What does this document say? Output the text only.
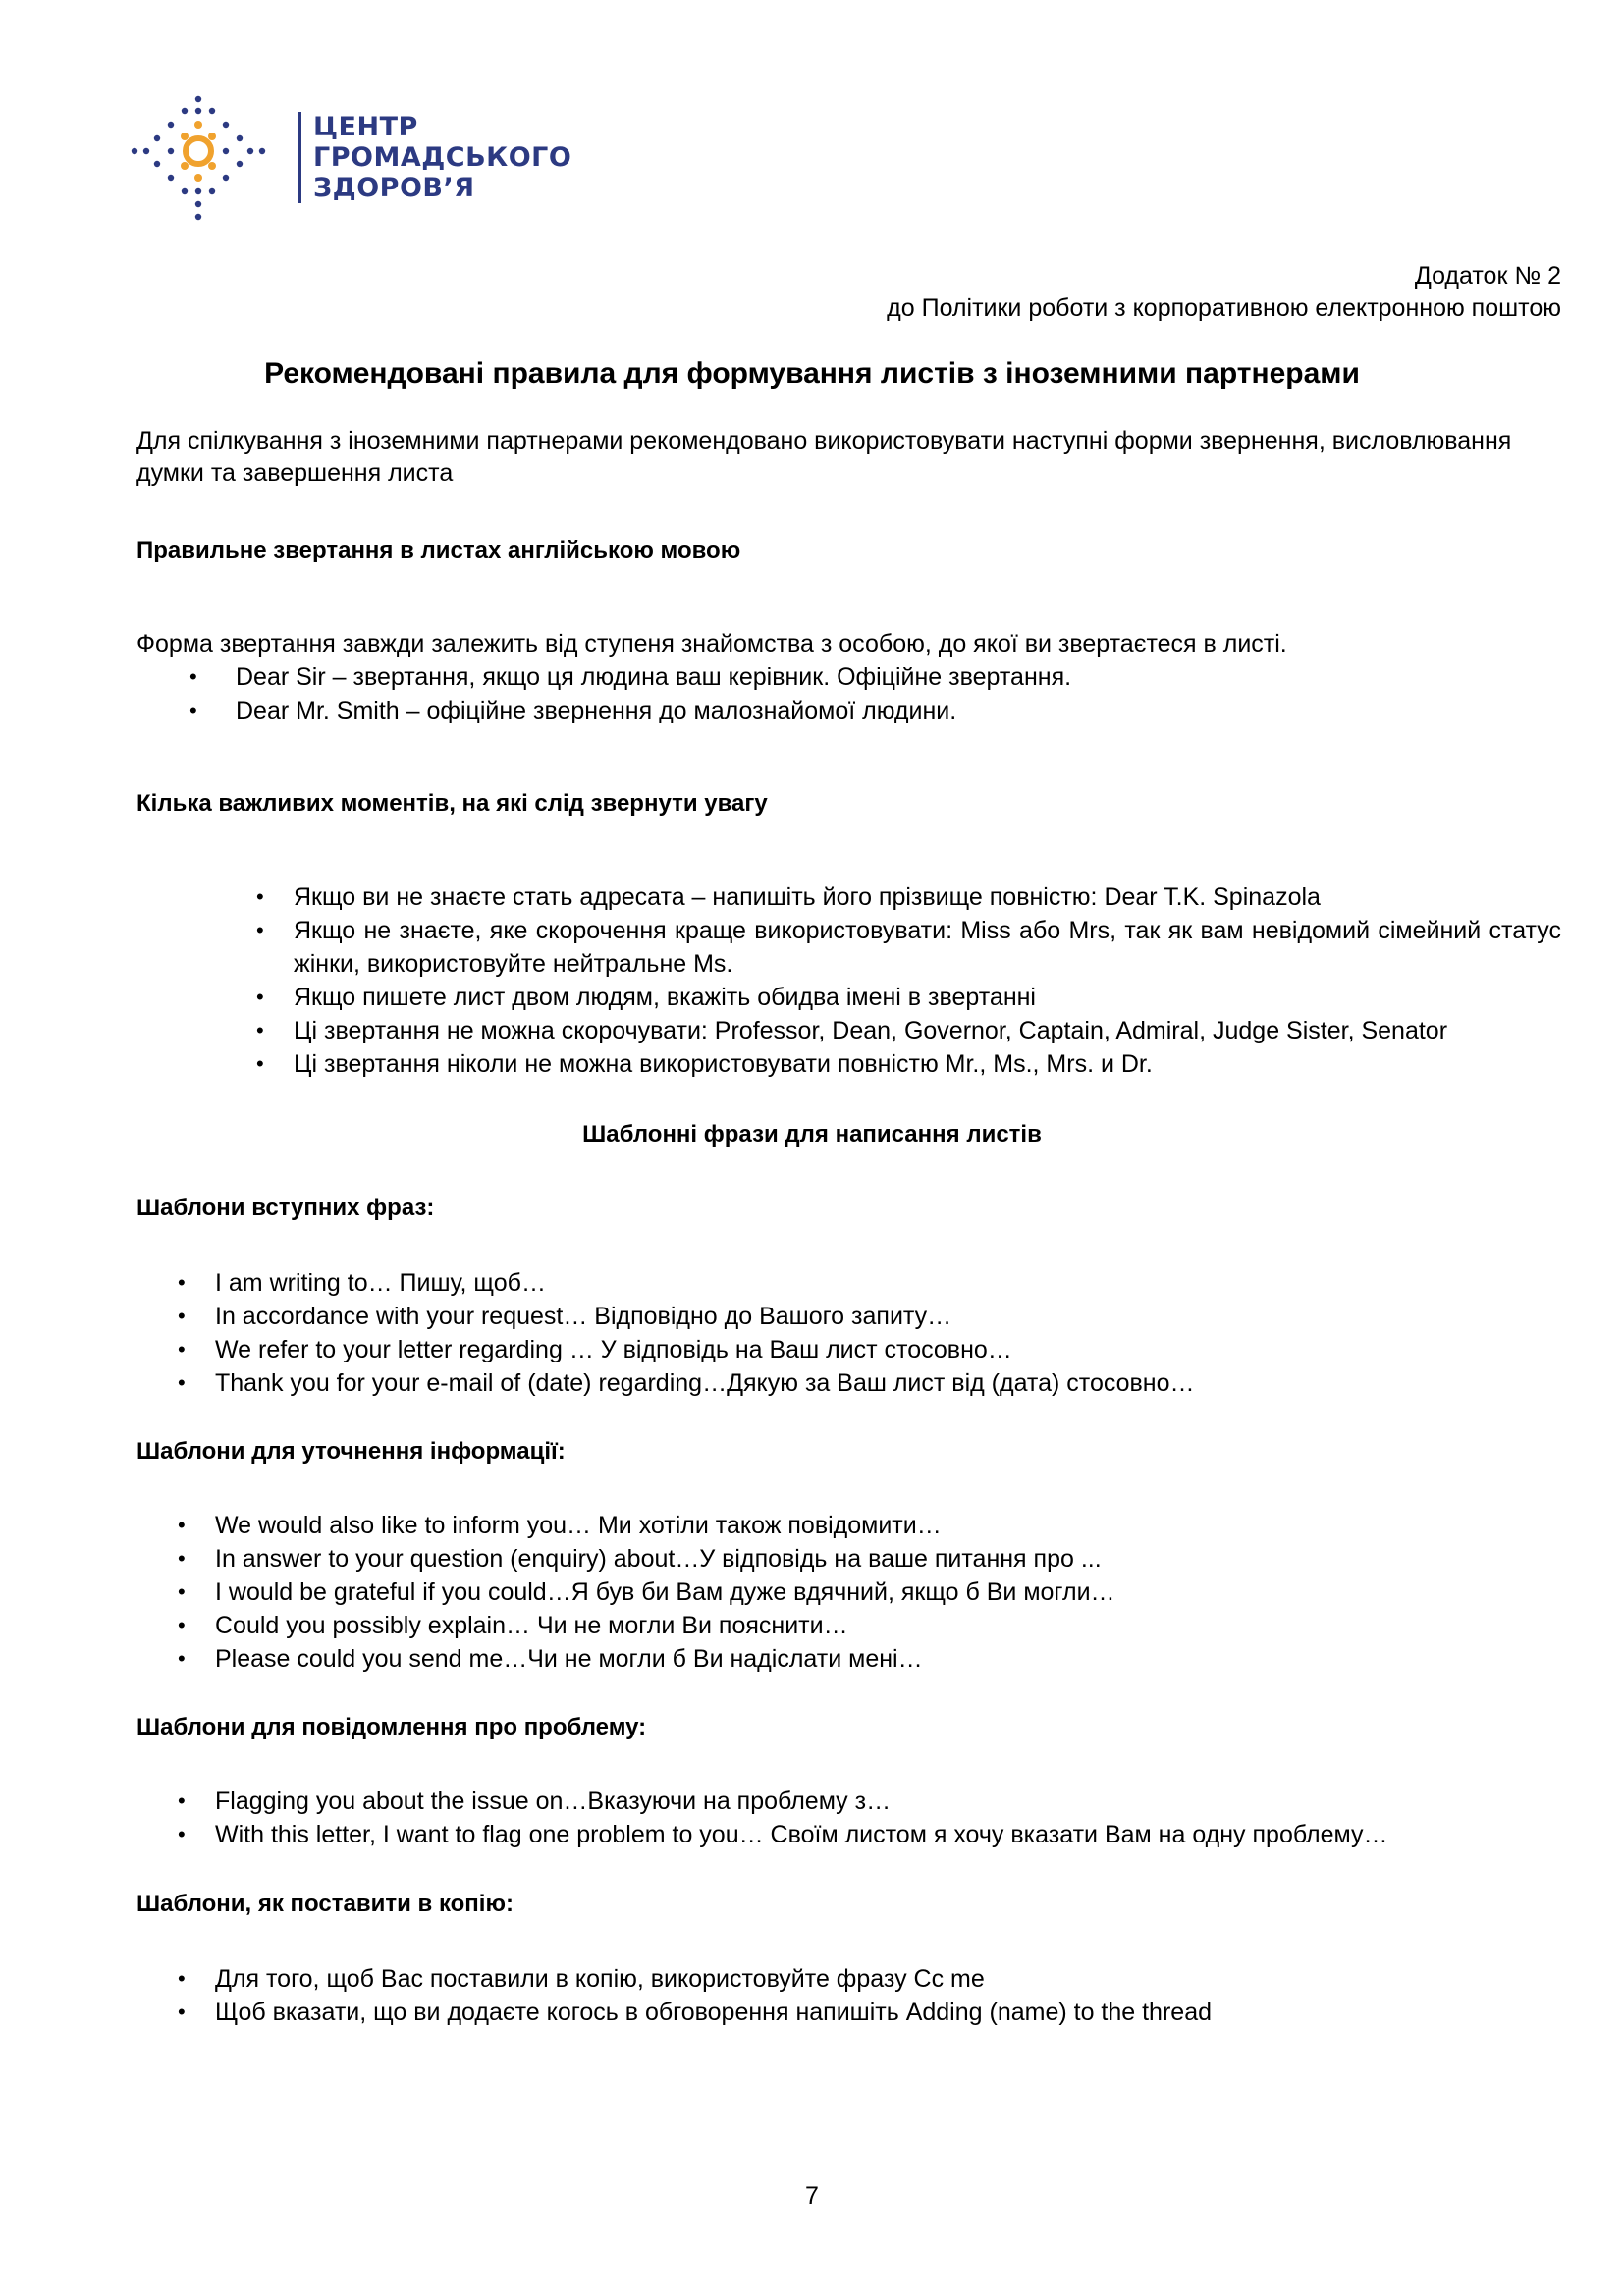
ЦЕНТР
ГРОМАДСЬКОГО
ЗДОРОВ’Я
Додаток № 2
до Політики роботи з корпоративною електронною поштою
Рекомендовані правила для формування листів з іноземними партнерами

Для спілкування з іноземними партнерами рекомендовано використовувати наступні форми звернення, висловлювання думки та завершення листа

Правильне звертання в листах англійською мовою

Форма звертання завжди залежить від ступеня знайомства з особою, до якої ви звертаєтеся в листі.

• Dear Sir – звертання, якщо ця людина ваш керівник. Офіційне звертання.
• Dear Mr. Smith – офіційне звернення до малознайомої людини.

Кілька важливих моментів, на які слід звернути увагу

• Якщо ви не знаєте стать адресата – напишіть його прізвище повністю: Dear T.K. Spinazola
• Якщо не знаєте, яке скорочення краще використовувати: Miss або Mrs, так як вам невідомий сімейний статус жінки, використовуйте нейтральне Ms.
• Якщо пишете лист двом людям, вкажіть обидва імені в звертанні
• Ці звертання не можна скорочувати: Professor, Dean, Governor, Captain, Admiral, Judge Sister, Senator
• Ці звертання ніколи не можна використовувати повністю Mr., Ms., Mrs. и Dr.
Шаблонні фрази для написання листів

Шаблони вступних фраз:

• I am writing to… Пишу, щоб…
• In accordance with your request… Відповідно до Вашого запиту…
• We refer to your letter regarding … У відповідь на Ваш лист стосовно…
• Thank you for your e-mail of (date) regarding…Дякую за Ваш лист від (дата) стосовно…

Шаблони для уточнення інформації:

• We would also like to inform you… Ми хотіли також повідомити…
• In answer to your question (enquiry) about…У відповідь на ваше питання про ...
• I would be grateful if you could…Я був би Вам дуже вдячний, якщо б Ви могли…
• Could you possibly explain… Чи не могли Ви пояснити…
• Please could you send me…Чи не могли б Ви надіслати мені…

Шаблони для повідомлення про проблему:

• Flagging you about the issue on…Вказуючи на проблему з…
• With this letter, I want to flag one problem to you… Своїм листом я хочу вказати Вам на одну проблему…

Шаблони, як поставити в копію:

• Для того, щоб Вас поставили в копію, використовуйте фразу Cc me
• Щоб вказати, що ви додаєте когось в обговорення напишіть Adding (name) to the thread
7
